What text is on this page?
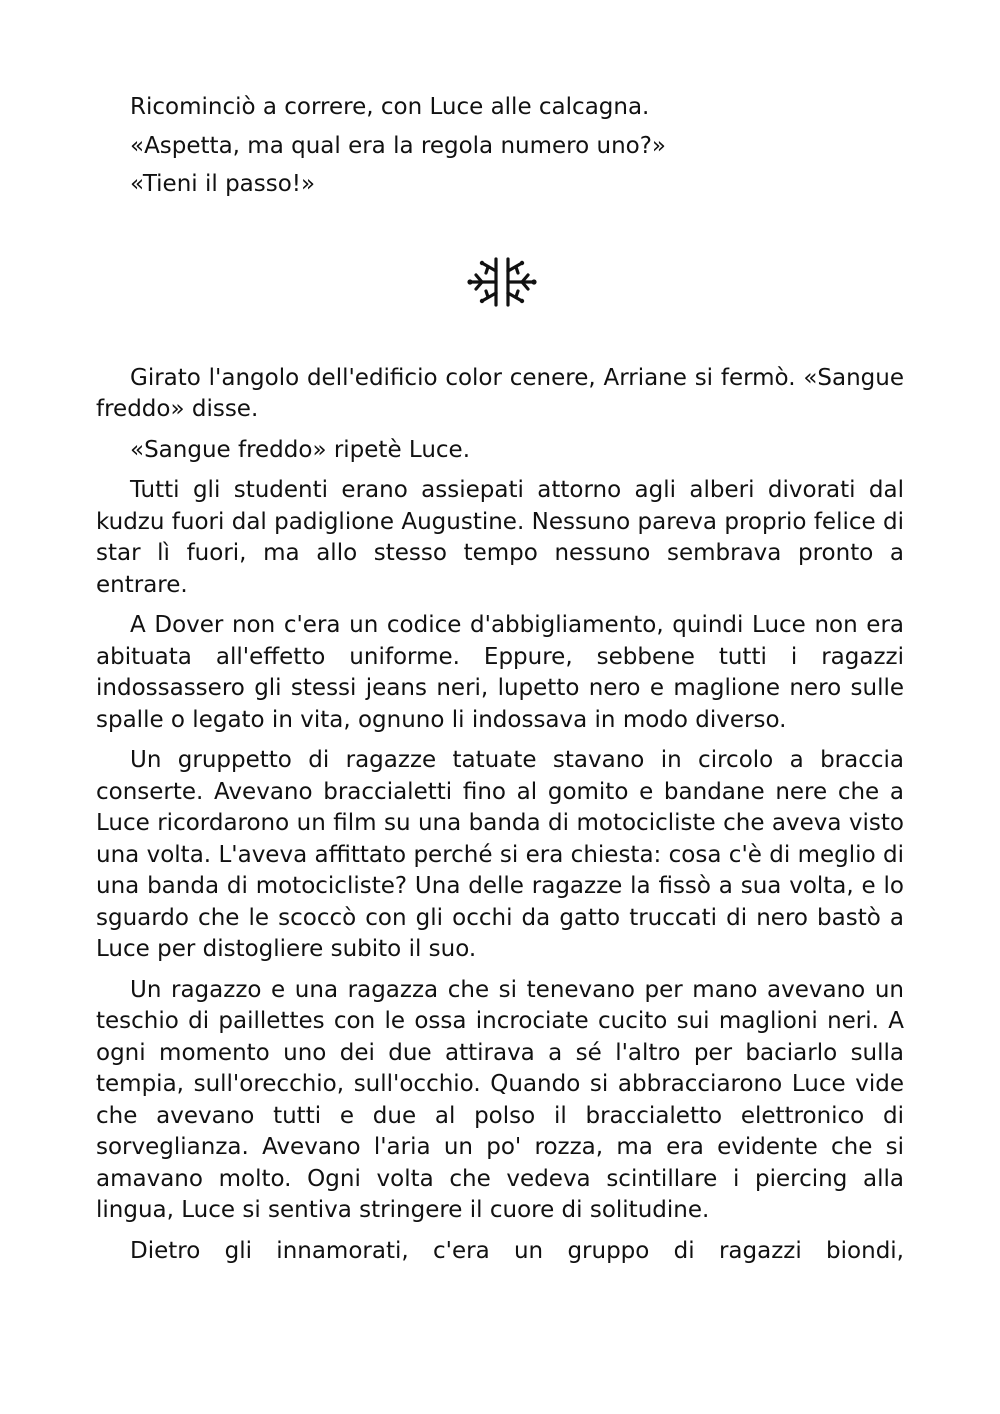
Ricominciò a correre, con Luce alle calcagna.

«Aspetta, ma qual era la regola numero uno?»

«Tieni il passo!»

Girato l'angolo dell'edificio color cenere, Arriane si fermò. «Sangue freddo» disse.

«Sangue freddo» ripetè Luce.

Tutti gli studenti erano assiepati attorno agli alberi divorati dal kudzu fuori dal padiglione Augustine. Nessuno pareva proprio felice di star lì fuori, ma allo stesso tempo nessuno sembrava pronto a entrare.

A Dover non c'era un codice d'abbigliamento, quindi Luce non era abituata all'effetto uniforme. Eppure, sebbene tutti i ragazzi indossassero gli stessi jeans neri, lupetto nero e maglione nero sulle spalle o legato in vita, ognuno li indossava in modo diverso.

Un gruppetto di ragazze tatuate stavano in circolo a braccia conserte. Avevano braccialetti fino al gomito e bandane nere che a Luce ricordarono un film su una banda di motocicliste che aveva visto una volta. L'aveva affittato perché si era chiesta: cosa c'è di meglio di una banda di motocicliste? Una delle ragazze la fissò a sua volta, e lo sguardo che le scoccò con gli occhi da gatto truccati di nero bastò a Luce per distogliere subito il suo.

Un ragazzo e una ragazza che si tenevano per mano avevano un teschio di paillettes con le ossa incrociate cucito sui maglioni neri. A ogni momento uno dei due attirava a sé l'altro per baciarlo sulla tempia, sull'orecchio, sull'occhio. Quando si abbracciarono Luce vide che avevano tutti e due al polso il braccialetto elettronico di sorveglianza. Avevano l'aria un po' rozza, ma era evidente che si amavano molto. Ogni volta che vedeva scintillare i piercing alla lingua, Luce si sentiva stringere il cuore di solitudine.

Dietro gli innamorati, c'era un gruppo di ragazzi biondi,
